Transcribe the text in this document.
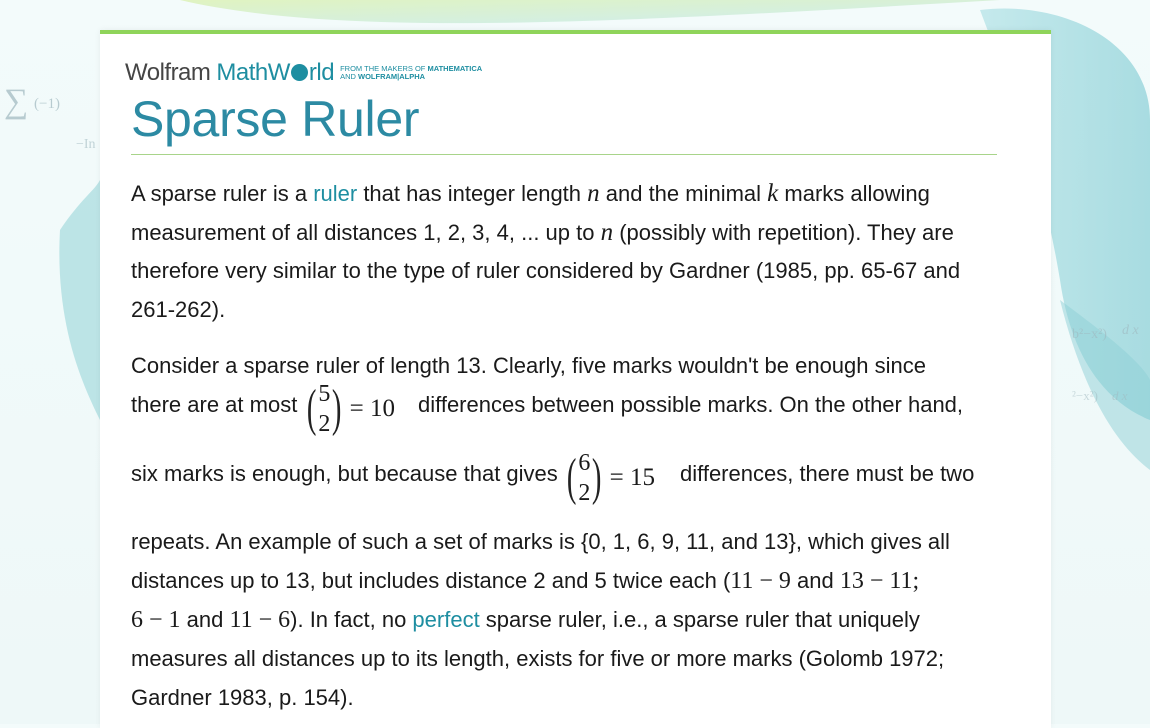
∑ (−1)
−In
b²−x²) d x
²−x²) d x
Wolfram MathW rld FROM THE MAKERS OF MATHEMATICA
AND WOLFRAM|ALPHA
Sparse Ruler
A sparse ruler is a ruler that has integer length n and the minimal k marks allowing
measurement of all distances 1, 2, 3, 4, ... up to n (possibly with repetition). They are
therefore very similar to the type of ruler considered by Gardner (1985, pp. 65-67 and
261-262).
Consider a sparse ruler of length 13. Clearly, five marks wouldn't be enough since
there are at most ( 5
2 ) = 10 differences between possible marks. On the other hand,
six marks is enough, but because that gives ( 6
2 ) = 15 differences, there must be two
repeats. An example of such a set of marks is {0, 1, 6, 9, 11, and 13}, which gives all
distances up to 13, but includes distance 2 and 5 twice each (11 − 9 and 13 − 11;
6 − 1 and 11 − 6). In fact, no perfect sparse ruler, i.e., a sparse ruler that uniquely
measures all distances up to its length, exists for five or more marks (Golomb 1972;
Gardner 1983, p. 154).
